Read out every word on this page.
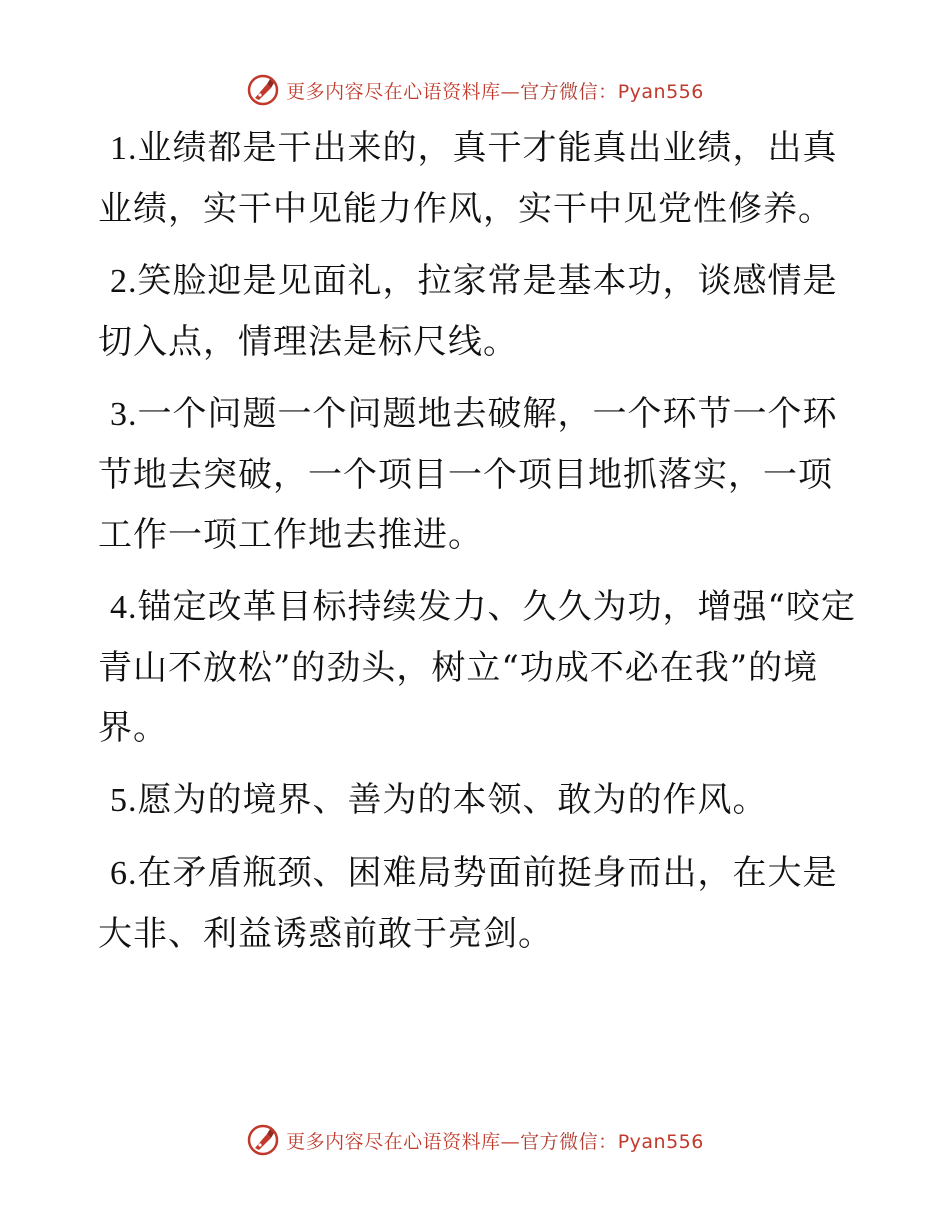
更多内容尽在心语资料库—官方微信：Pyan556

1.业绩都是干出来的，真干才能真出业绩，出真业绩，实干中见能力作风，实干中见党性修养。

2.笑脸迎是见面礼，拉家常是基本功，谈感情是切入点，情理法是标尺线。

3.一个问题一个问题地去破解，一个环节一个环节地去突破，一个项目一个项目地抓落实，一项工作一项工作地去推进。

4.锚定改革目标持续发力、久久为功，增强“咬定青山不放松”的劲头，树立“功成不必在我”的境界。

5.愿为的境界、善为的本领、敢为的作风。

6.在矛盾瓶颈、困难局势面前挺身而出，在大是大非、利益诱惑前敢于亮剑。

更多内容尽在心语资料库—官方微信：Pyan556
